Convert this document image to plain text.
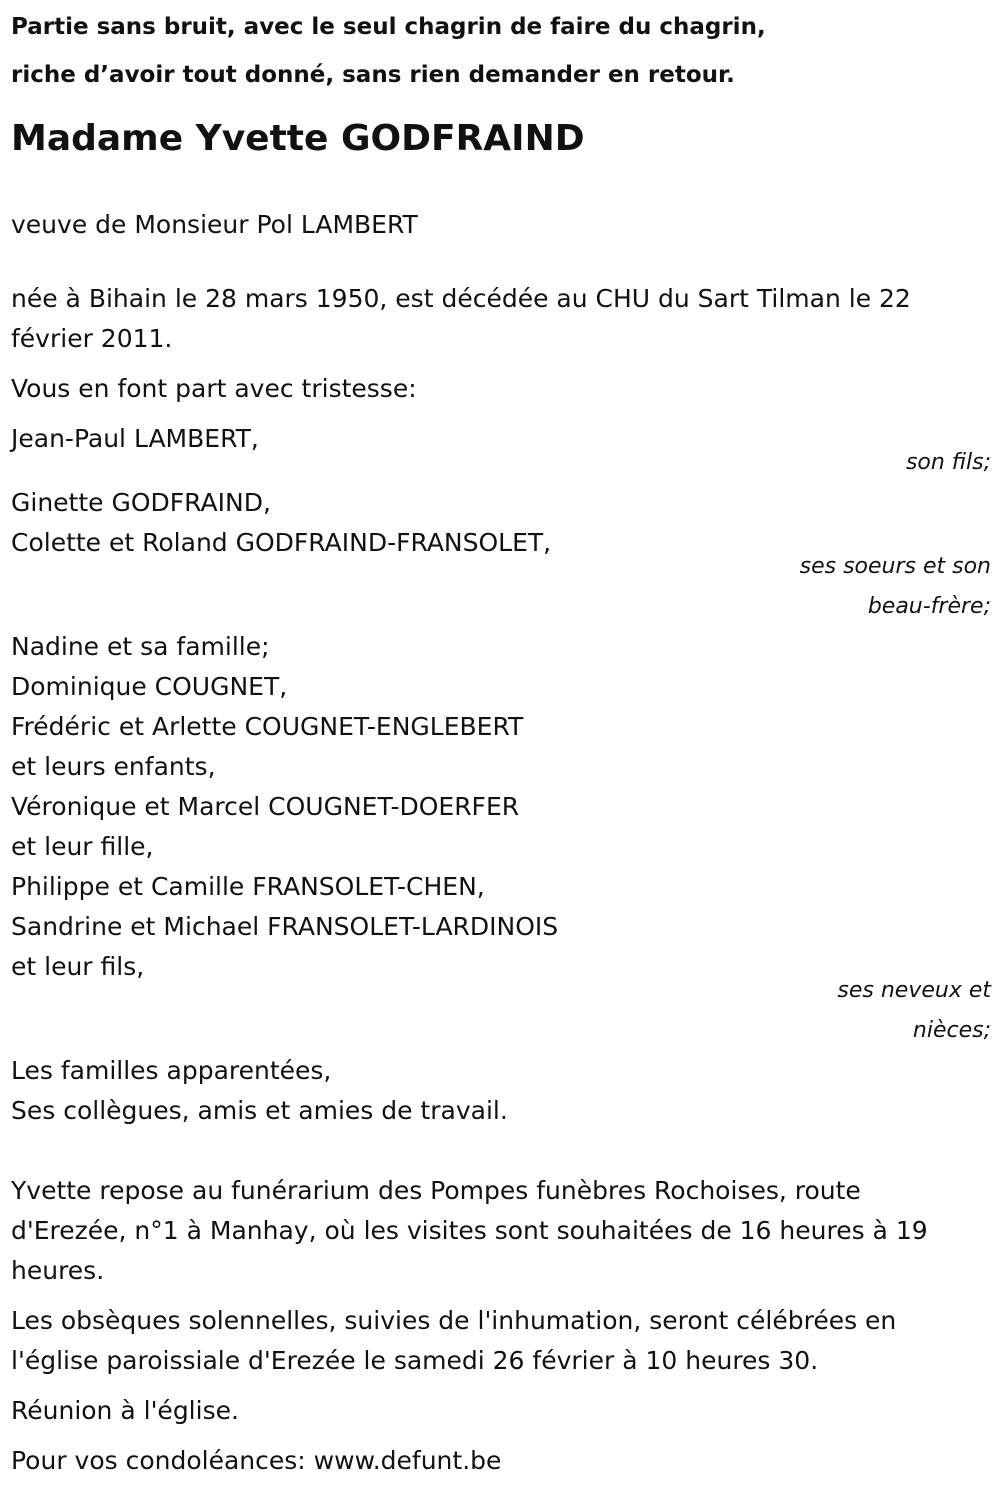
Partie sans bruit, avec le seul chagrin de faire du chagrin,
riche d’avoir tout donné, sans rien demander en retour.
Madame Yvette GODFRAIND
veuve de Monsieur Pol LAMBERT
née à Bihain le 28 mars 1950, est décédée au CHU du Sart Tilman le 22
février 2011.
Vous en font part avec tristesse:
Jean-Paul LAMBERT,
son fils;
Ginette GODFRAIND,
Colette et Roland GODFRAIND-FRANSOLET,
ses soeurs et son
beau-frère;
Nadine et sa famille;
Dominique COUGNET,
Frédéric et Arlette COUGNET-ENGLEBERT
et leurs enfants,
Véronique et Marcel COUGNET-DOERFER
et leur fille,
Philippe et Camille FRANSOLET-CHEN,
Sandrine et Michael FRANSOLET-LARDINOIS
et leur fils,
ses neveux et
nièces;
Les familles apparentées,
Ses collègues, amis et amies de travail.
Yvette repose au funérarium des Pompes funèbres Rochoises, route
d'Erezée, n°1 à Manhay, où les visites sont souhaitées de 16 heures à 19
heures.
Les obsèques solennelles, suivies de l'inhumation, seront célébrées en
l'église paroissiale d'Erezée le samedi 26 février à 10 heures 30.
Réunion à l'église.
Pour vos condoléances: www.defunt.be
